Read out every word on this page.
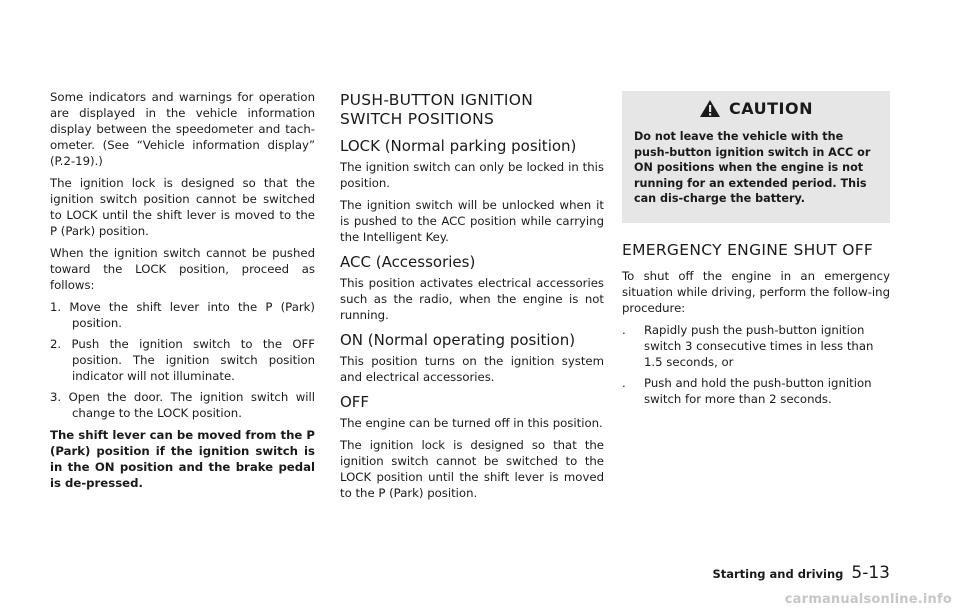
Some indicators and warnings for operation are displayed in the vehicle information display between the speedometer and tach-ometer. (See “Vehicle information display” (P.2-19).)

The ignition lock is designed so that the ignition switch position cannot be switched to LOCK until the shift lever is moved to the P (Park) position.

When the ignition switch cannot be pushed toward the LOCK position, proceed as follows:

1. Move the shift lever into the P (Park) position.
2. Push the ignition switch to the OFF position. The ignition switch position indicator will not illuminate.
3. Open the door. The ignition switch will change to the LOCK position.

The shift lever can be moved from the P (Park) position if the ignition switch is in the ON position and the brake pedal is de-pressed.

PUSH-BUTTON IGNITION
SWITCH POSITIONS
LOCK (Normal parking position)

The ignition switch can only be locked in this position.

The ignition switch will be unlocked when it is pushed to the ACC position while carrying the Intelligent Key.

ACC (Accessories)

This position activates electrical accessories such as the radio, when the engine is not running.

ON (Normal operating position)

This position turns on the ignition system and electrical accessories.

OFF

The engine can be turned off in this position.

The ignition lock is designed so that the ignition switch cannot be switched to the LOCK position until the shift lever is moved to the P (Park) position.

CAUTION

Do not leave the vehicle with the push-button ignition switch in ACC or ON positions when the engine is not running for an extended period. This can dis-charge the battery.

EMERGENCY ENGINE SHUT OFF

To shut off the engine in an emergency situation while driving, perform the follow-ing procedure:

. Rapidly push the push-button ignition switch 3 consecutive times in less than 1.5 seconds, or
. Push and hold the push-button ignition switch for more than 2 seconds.
Starting and driving 5-13
carmanualsonline.info
